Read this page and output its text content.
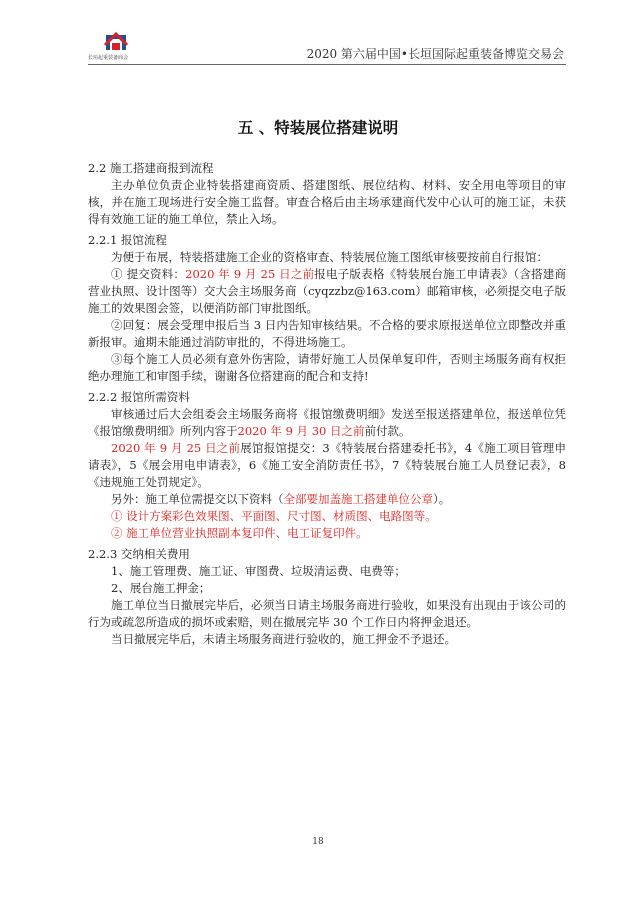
长垣起重装备商会	2020 第六届中国•长垣国际起重装备博览交易会
五 、特装展位搭建说明

2.2 施工搭建商报到流程

主办单位负责企业特装搭建商资质、搭建图纸、展位结构、材料、安全用电等项目的审核，并在施工现场进行安全施工监督。审查合格后由主场承建商代发中心认可的施工证，未获得有效施工证的施工单位，禁止入场。

2.2.1 报馆流程

为便于布展，特装搭建施工企业的资格审查、特装展位施工图纸审核要按前自行报馆：

① 提交资料：2020 年 9 月 25 日之前报电子版表格《特装展台施工申请表》（含搭建商营业执照、设计图等）交大会主场服务商（cyqzzbz@163.com）邮箱审核，必须提交电子版施工的效果图会签，以便消防部门审批图纸。

②回复：展会受理申报后当 3 日内告知审核结果。不合格的要求原报送单位立即整改并重新报审。逾期未能通过消防审批的，不得进场施工。

③每个施工人员必须有意外伤害险，请带好施工人员保单复印件，否则主场服务商有权拒绝办理施工和审图手续，谢谢各位搭建商的配合和支持!

2.2.2 报馆所需资料

审核通过后大会组委会主场服务商将《报馆缴费明细》发送至报送搭建单位，报送单位凭《报馆缴费明细》所列内容于2020 年 9 月 30 日之前前付款。

2020 年 9 月 25 日之前展馆报馆提交：3《特装展台搭建委托书》，4《施工项目管理申请表》，5《展会用电申请表》，6《施工安全消防责任书》，7《特装展台施工人员登记表》，8《违规施工处罚规定》。

另外：施工单位需提交以下资料（全部要加盖施工搭建单位公章）。

① 设计方案彩色效果图、平面图、尺寸图、材质图、电路图等。

② 施工单位营业执照副本复印件、电工证复印件。

2.2.3 交纳相关费用

1、施工管理费、施工证、审图费、垃圾清运费、电费等；

2、展台施工押金；

施工单位当日撤展完毕后，必须当日请主场服务商进行验收，如果没有出现由于该公司的行为或疏忽所造成的损坏或索赔，则在撤展完毕 30 个工作日内将押金退还。

当日撤展完毕后，未请主场服务商进行验收的，施工押金不予退还。

18
